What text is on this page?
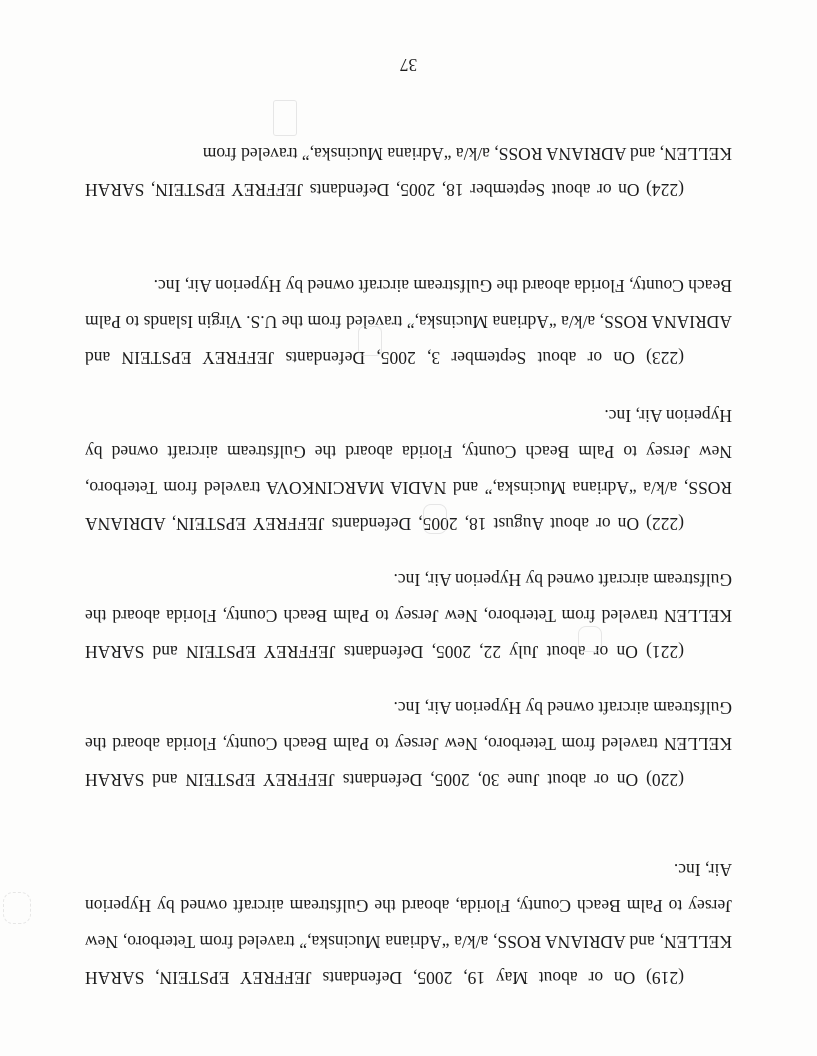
(219) On or about May 19, 2005, Defendants JEFFREY EPSTEIN, SARAH KELLEN, and ADRIANA ROSS, a/k/a “Adriana Mucinska,” traveled from Teterboro, New Jersey to Palm Beach County, Florida, aboard the Gulfstream aircraft owned by Hyperion Air, Inc.

(220) On or about June 30, 2005, Defendants JEFFREY EPSTEIN and SARAH KELLEN traveled from Teterboro, New Jersey to Palm Beach County, Florida aboard the Gulfstream aircraft owned by Hyperion Air, Inc.

(221) On or about July 22, 2005, Defendants JEFFREY EPSTEIN and SARAH KELLEN traveled from Teterboro, New Jersey to Palm Beach County, Florida aboard the Gulfstream aircraft owned by Hyperion Air, Inc.

(222) On or about August 18, 2005, Defendants JEFFREY EPSTEIN, ADRIANA ROSS, a/k/a “Adriana Mucinska,” and NADIA MARCINKOVA traveled from Teterboro, New Jersey to Palm Beach County, Florida aboard the Gulfstream aircraft owned by Hyperion Air, Inc.

(223) On or about September 3, 2005, Defendants JEFFREY EPSTEIN and ADRIANA ROSS, a/k/a “Adriana Mucinska,” traveled from the U.S. Virgin Islands to Palm Beach County, Florida aboard the Gulfstream aircraft owned by Hyperion Air, Inc.

(224) On or about September 18, 2005, Defendants JEFFREY EPSTEIN, SARAH KELLEN, and ADRIANA ROSS, a/k/a “Adriana Mucinska,” traveled from

37
